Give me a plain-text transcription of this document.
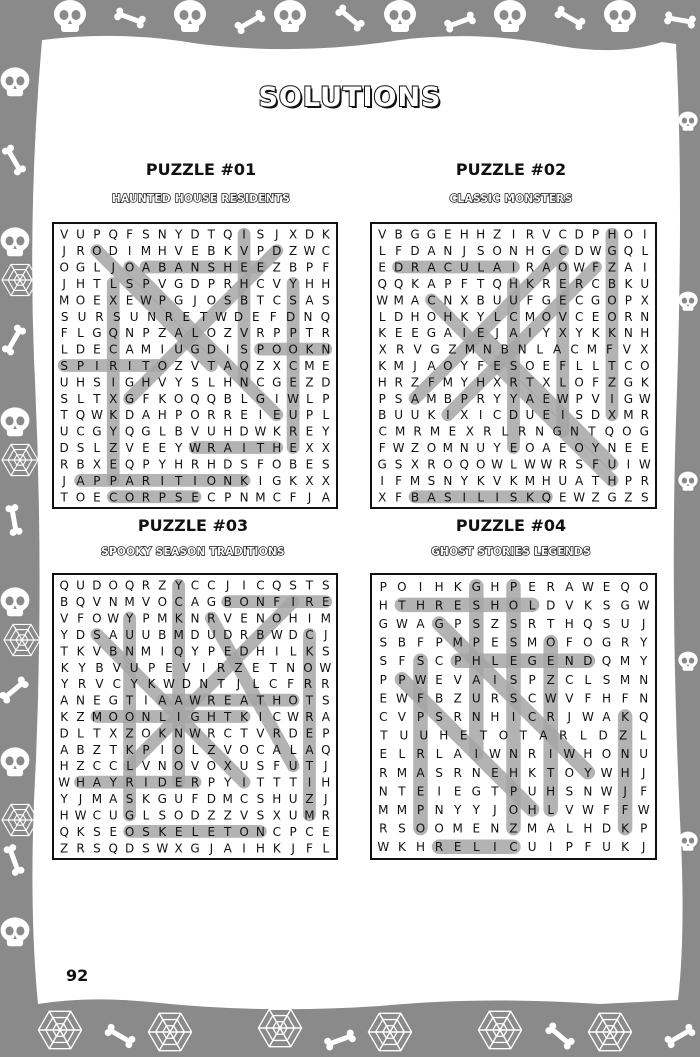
SOLUTIONS
PUZZLE #01
HAUNTED HOUSE RESIDENTS
V U P Q F S N Y D T Q I S J X D K
J R O D I M H V E B K V P D Z W C
O G L J O A B A N S H E E Z B P F
J H T L S P V G D P R H C V Y H H
M O E X E W P G J O S B T C S A S
S U R S U N R E T W D E F D N Q
F L G Q N P Z A L O Z V R P P T R
L D E C A M I U G D I S P O O K N
S P I R I T O Z V T A Q Z X C M E
U H S I G H V Y S L H N C G E Z D
S L T X G F K O Q Q B L G I W L P
T Q W K D A H P O R R E I E U P L
U C G Y Q G L B V U H D W K R E Y
D S L Z V E E Y W R A I T H E X X
R B X E Q P Y H R H D S F O B E S
J A P P A R I T I O N K I G K X X
T O E C O R P S E C P N M C F J A
PUZZLE #02
CLASSIC MONSTERS
V B G G E H H Z I R V C D P H O I
L F D A N J S O N H G C D W G Q L
E D R A C U L A I R A O W F Z A I
Q Q K A P F T Q H K R E R C B K U
W M A C N X B U U F G E C G O P X
L D H O H K Y L C M O V C E O R N
K E E G A I E J A I Y X Y K K N H
X R V G Z M N B N L A C M F V X
K M J A O Y F E S O E F L L T C O
H R Z F M Y H X R T X L O F Z G K
P S A M B P R Y Y A E W P V I G W
B U U K I X I C D U E I S D X M R
C M R M E X R L R N G N T Q O G
F W Z O M N U Y E O A E O Y N E E
G S X R O Q O W L W W R S F U I W
I F M S N Y K V K M H U A T H P R
X F B A S I L I S K Q E W Z G Z S
PUZZLE #03
SPOOKY SEASON TRADITIONS
Q U D O Q R Z Y C C J I C Q S T S
B Q V N M V O C A G B O N F I R E
V F O W Y P M K N R V E N O H I M
Y D S A U U B M D U D R B W D C J
T K V B N M I Q Y P E D H I L K S
K Y B V U P E V I R Z E T N O W
Y R V C Y K W D N T J L C F R R
A N E G T I A A W R E A T H O T S
K Z M O O N L I G H T K I C W R A
D L T X Z O K N W R C T V R D E P
A B Z T K P I O L Z V O C A L A Q
H Z C C L V N O V O X U S F U T J
W H A Y R I D E R P Y I T T T I H
Y J M A S K G U F D M C S H U Z J
H W C U G L S O D Z Z V S X U M R
Q K S E O S K E L E T O N C P C E
Z R S Q D S W X G J A I H K J F L
PUZZLE #04
GHOST STORIES LEGENDS
P O I H K G H P E R A W E Q O
H T H R E S H O L D V K S G W
G W A G P S Z S R T H Q S U J
S B F P M P E S M O F O G R Y
S F S C P H L E G E N D Q M Y
P P W E V A I S P Z C L S M N
E W F B Z U R S C W V F H F N
C V P S R N H I C R J W A K Q
T U U H E T O T A R L D Z L
E L R L A I W N R I W H O N U
R M A S R N E H K T O Y W H J
N T E I E G T P U H S N W J F
M M P N Y Y J O H L V W F F W
R S O O M E N Z M A L H D K P
W K H R E L I C U I P F U K J
92
